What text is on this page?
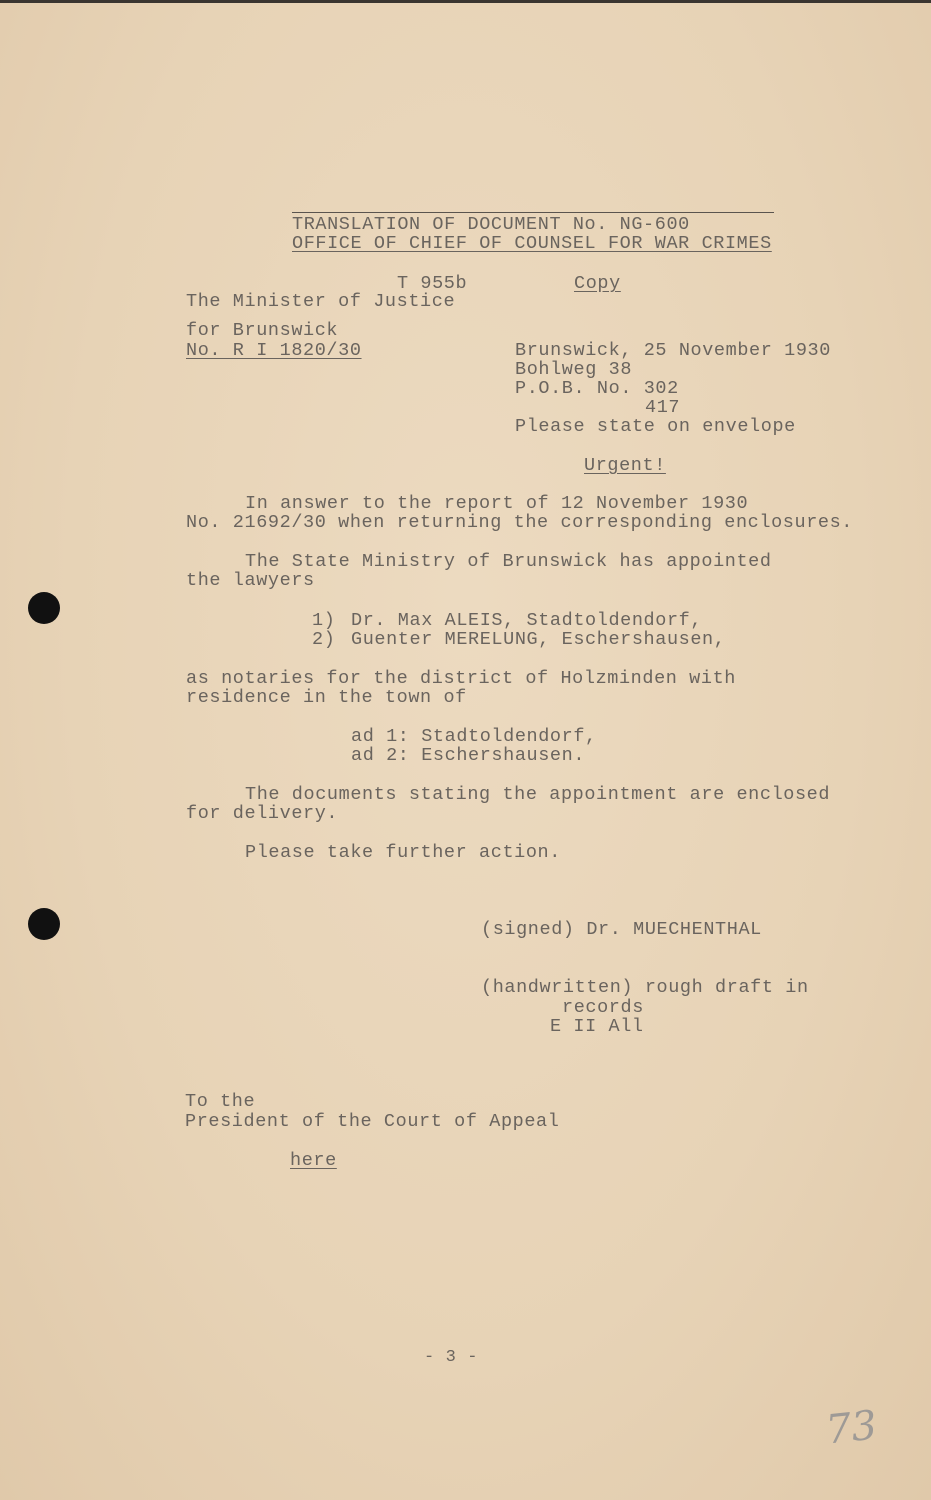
TRANSLATION OF DOCUMENT No. NG-600
OFFICE OF CHIEF OF COUNSEL FOR WAR CRIMES
T 955b	Copy
The Minister of Justice
for Brunswick
No. R I 1820/30	Brunswick, 25 November 1930
Bohlweg 38
P.O.B. No. 302
417
Please state on envelope
Urgent!
In answer to the report of 12 November 1930
No. 21692/30 when returning the corresponding enclosures.
The State Ministry of Brunswick has appointed
the lawyers
1) Dr. Max ALEIS, Stadtoldendorf,
2) Guenter MERELUNG, Eschershausen,
as notaries for the district of Holzminden with
residence in the town of
ad 1: Stadtoldendorf,
ad 2: Eschershausen.
The documents stating the appointment are enclosed
for delivery.
Please take further action.
(signed) Dr. MUECHENTHAL
(handwritten) rough draft in
records
E II All
To the
President of the Court of Appeal
here
- 3 -
73
